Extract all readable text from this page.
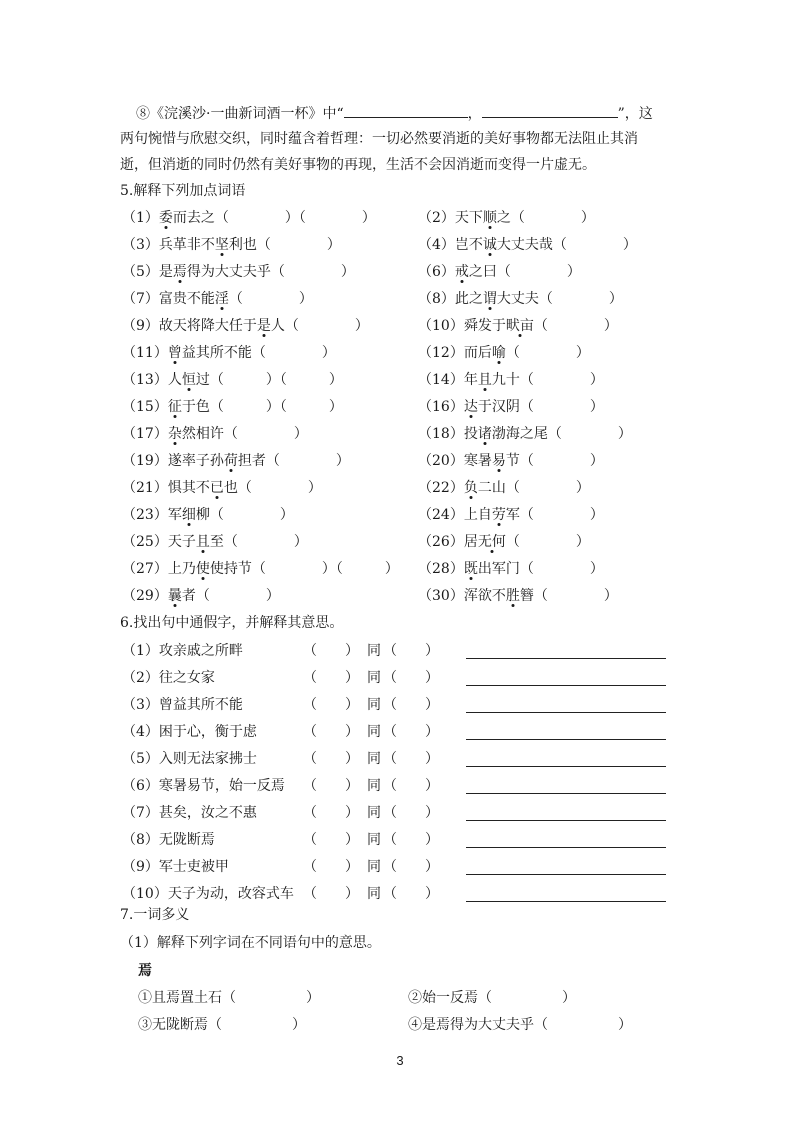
⑧《浣溪沙·一曲新词酒一杯》中“	，	”，这
两句惋惜与欣慰交织，同时蕴含着哲理：一切必然要消逝的美好事物都无法阻止其消
逝，但消逝的同时仍然有美好事物的再现，生活不会因消逝而变得一片虚无。
5.解释下列加点词语
（1）委而去之（　　　　）（　　　　）	（2）天下顺之（　　　　）
（3）兵革非不坚利也（　　　　）	（4）岂不诚大丈夫哉（　　　　）
（5）是焉得为大丈夫乎（　　　　）	（6）戒之曰（　　　　）
（7）富贵不能淫（　　　　）	（8）此之谓大丈夫（　　　　）
（9）故天将降大任于是人（　　　　）	（10）舜发于畎亩（　　　　）
（11）曾益其所不能（　　　　）	（12）而后喻（　　　　）
（13）人恒过（　　　）（　　　）	（14）年且九十（　　　　）
（15）征于色（　　　）（　　　）	（16）达于汉阴（　　　　）
（17）杂然相许（　　　　）	（18）投诸渤海之尾（　　　　）
（19）遂率子孙荷担者（　　　　）	（20）寒暑易节（　　　　）
（21）惧其不已也（　　　　）	（22）负二山（　　　　）
（23）军细柳（　　　　）	（24）上自劳军（　　　　）
（25）天子且至（　　　　）	（26）居无何（　　　　）
（27）上乃使使持节（　　　　）（　　　） （28）既出军门（　　　　）
（29）曩者（　　　　）	（30）浑欲不胜簪（　　　　）
6.找出句中通假字，并解释其意思。
（1）攻亲戚之所畔	（　　） 同 （　　）
（2）往之女家	（　　） 同 （　　）
（3）曾益其所不能	（　　） 同 （　　）
（4）困于心，衡于虑	（　　） 同 （　　）
（5）入则无法家拂士	（　　） 同 （　　）
（6）寒暑易节，始一反焉 （　　） 同 （　　）
（7）甚矣，汝之不惠	（　　） 同 （　　）
（8）无陇断焉	（　　） 同 （　　）
（9）军士吏被甲	（　　） 同 （　　）
（10）天子为动，改容式车 （　　） 同 （　　）
7.一词多义
（1）解释下列字词在不同语句中的意思。
焉
①且焉置土石（　　　　　）	②始一反焉（　　　　　）
③无陇断焉（　　　　　）	④是焉得为大丈夫乎（　　　　　）
3
